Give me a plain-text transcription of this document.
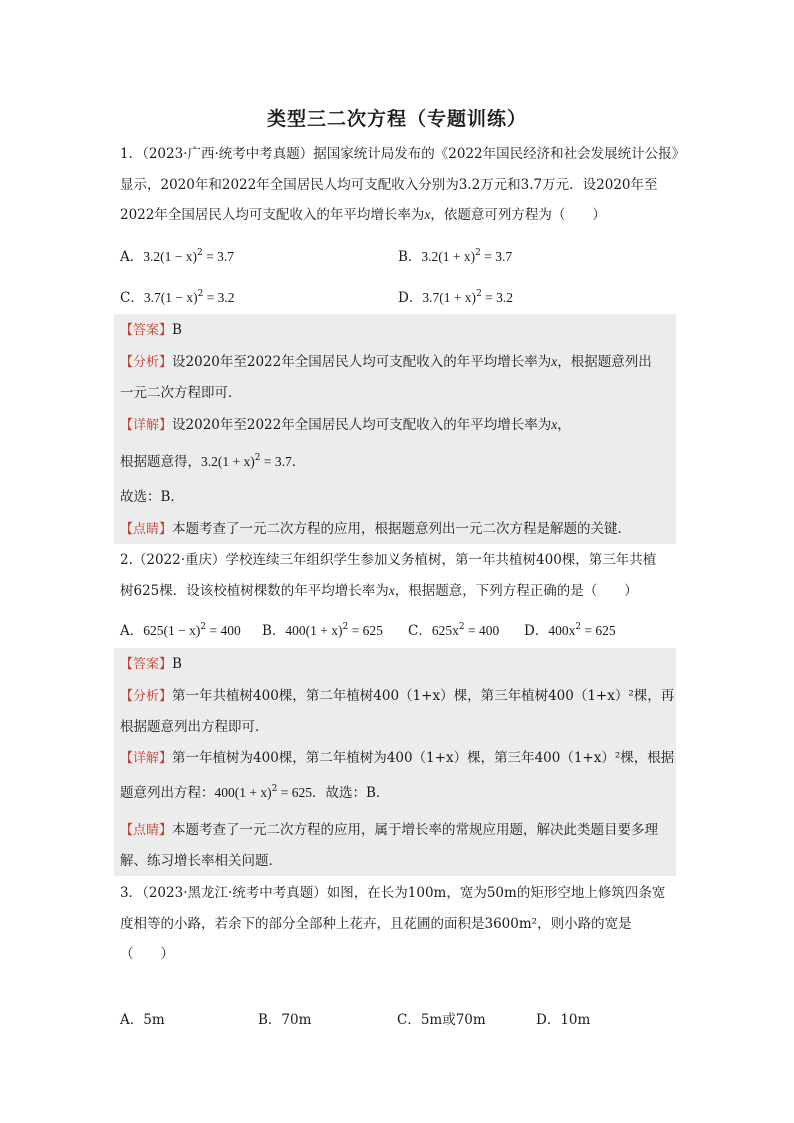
类型三二次方程（专题训练）
1．（2023·广西·统考中考真题）据国家统计局发布的《2022年国民经济和社会发展统计公报》
显示，2020年和2022年全国居民人均可支配收入分别为3.2万元和3.7万元．设2020年至
2022年全国居民人均可支配收入的年平均增长率为x，依题意可列方程为（　　）
A．$3.2(1 - x)^2 = 3.7$	B．$3.2(1 + x)^2 = 3.7$
C．$3.7(1 - x)^2 = 3.2$	D．$3.7(1 + x)^2 = 3.2$
【答案】B
【分析】设2020年至2022年全国居民人均可支配收入的年平均增长率为x，根据题意列出
一元二次方程即可．
【详解】设2020年至2022年全国居民人均可支配收入的年平均增长率为x，
根据题意得，$3.2(1 + x)^2 = 3.7$．
故选：B．
【点睛】本题考查了一元二次方程的应用，根据题意列出一元二次方程是解题的关键．
2.（2022·重庆）学校连续三年组织学生参加义务植树，第一年共植树400棵，第三年共植
树625棵．设该校植树棵数的年平均增长率为x，根据题意，下列方程正确的是（　　）
A．$625(1 - x)^2 = 400$ B．$400(1 + x)^2 = 625$ C．$625x^2 = 400$ D．$400x^2 = 625$
【答案】B
【分析】第一年共植树400棵，第二年植树400（1+x）棵，第三年植树400（1+x）²棵，再
根据题意列出方程即可．
【详解】第一年植树为400棵，第二年植树为400（1+x）棵，第三年400（1+x）²棵，根据
题意列出方程：$400(1 + x)^2 = 625$．故选：B．
【点睛】本题考查了一元二次方程的应用，属于增长率的常规应用题，解决此类题目要多理
解、练习增长率相关问题．
3．（2023·黑龙江·统考中考真题）如图，在长为100m，宽为50m的矩形空地上修筑四条宽
度相等的小路，若余下的部分全部种上花卉，且花圃的面积是3600m²，则小路的宽是
（　　）
A．5m	B．70m	C．5m或70m	D．10m
